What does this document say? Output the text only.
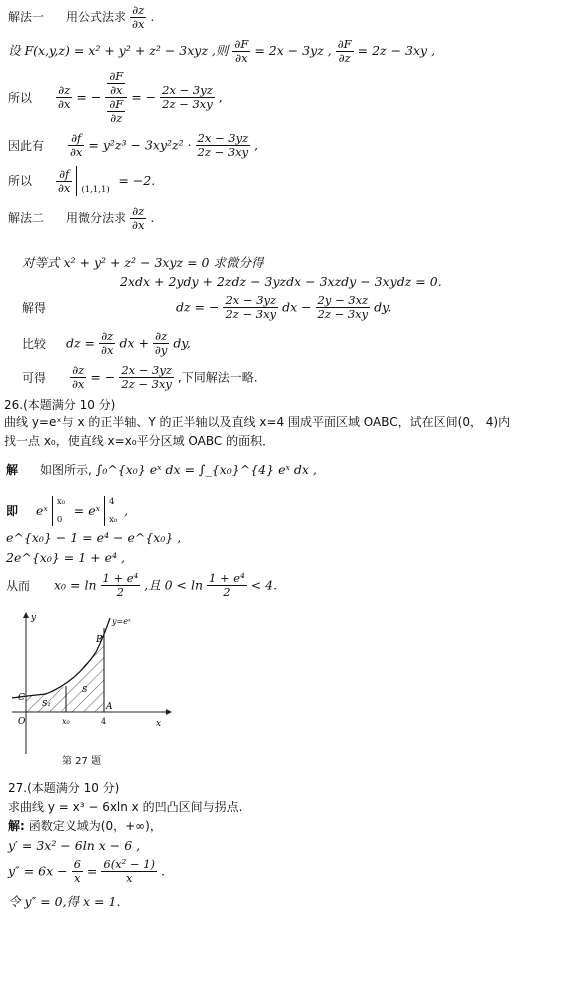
解法一 用公式法求 $\frac{\partial z}{\partial x}$ .
设 F(x,y,z) = x² + y² + z² − 3xyz ,则 $\frac{\partial F}{\partial x} = 2x - 3yz$ , $\frac{\partial F}{\partial z} = 2z - 3xy$ ,
所以 $\frac{\partial z}{\partial x}$ = − $\frac{\frac{\partial F}{\partial x}}{\frac{\partial F}{\partial z}}$ = − $\frac{2x - 3yz}{2z - 3xy}$ ,
因此有 $\frac{\partial f}{\partial x} = y^2z^3 - 3xy^2z^2 \cdot \frac{2x - 3yz}{2z - 3xy}$ ,
所以 $\frac{\partial f}{\partial x}$
(1,1,1)
= −2.
解法二 用微分法求 $\frac{\partial z}{\partial x}$ .
对等式 x² + y² + z² − 3xyz = 0 求微分得
2xdx + 2ydy + 2zdz − 3yzdx − 3xzdy − 3xydz = 0.
解得	dz = − $\frac{2x - 3yz}{2z - 3xy}$ dx − $\frac{2y - 3xz}{2z - 3xy}$ dy.
比较 dz = $\frac{\partial z}{\partial x}$ dx + $\frac{\partial z}{\partial y}$ dy,
可得 $\frac{\partial z}{\partial x}$ = − $\frac{2x - 3yz}{2z - 3xy}$ ,下同解法一略.
26.(本题满分 10 分)
曲线 y=eˣ与 x 的正半轴、Y 的正半轴以及直线 x=4 围成平面区域 OABC，试在区间(0， 4)内
找一点 x₀，使直线 x=x₀平分区域 OABC 的面积．
解 如图所示, ∫₀^{x₀} eˣ dx = ∫_{x₀}^{4} eˣ dx ,
即 eˣ
x₀
0
= eˣ
4
x₀
,
e^{x₀} − 1 = e⁴ − e^{x₀} ,
2e^{x₀} = 1 + e⁴ ,
从而 $x_0 = \ln \frac{\text{1 + e⁴}}{2}$ ,且 $0 < \ln \frac{\text{1 + e⁴}}{2} < 4$.
y
x
O
C
B
A
y=eˣ
S₁
S
x₀	4
第 27 题
27.(本题满分 10 分)
求曲线 y = x³ − 6xln x 的凹凸区间与拐点.
解: 函数定义域为(0，+∞)，
y′ = 3x² − 6ln x − 6 ,
$y'' = 6x - \frac{6}{x} = \frac{\text{6(x² − 1)}}{x}$ .
令 y″ = 0,得 x = 1.
